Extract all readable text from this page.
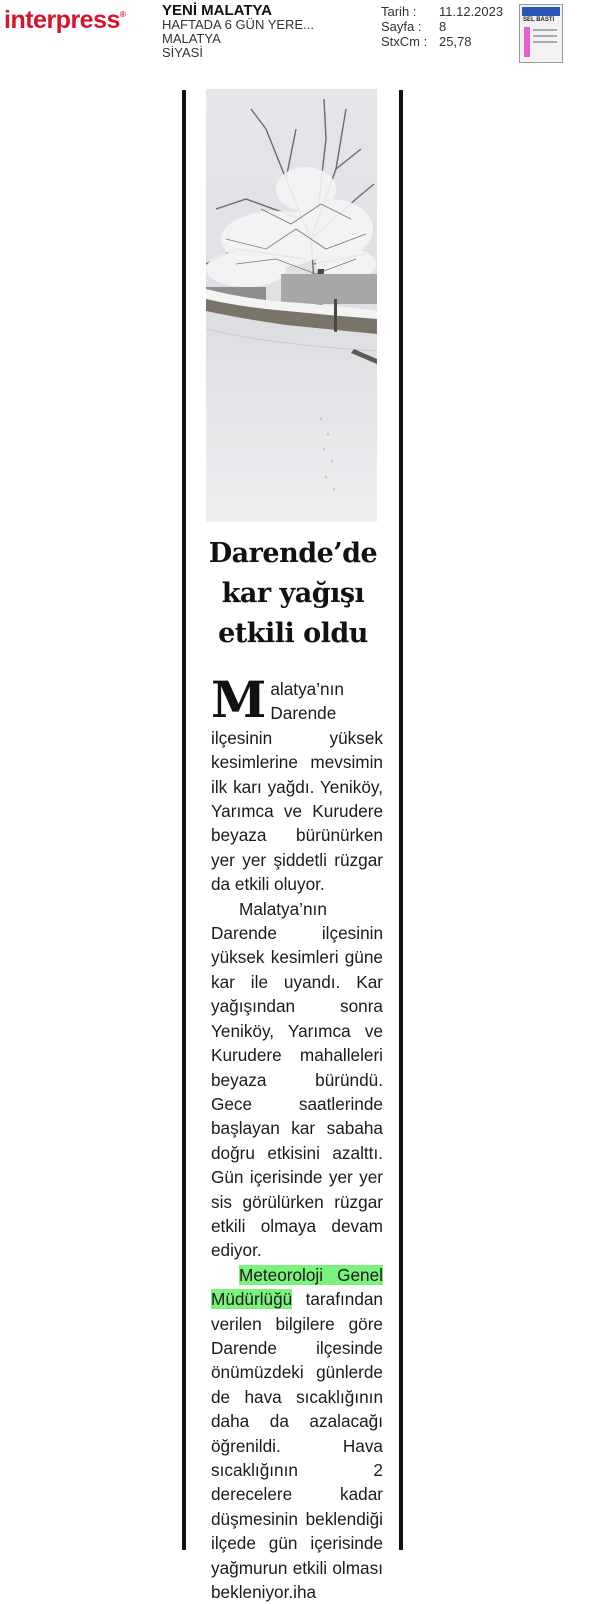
interpress® YENİ MALATYA
HAFTADA 6 GÜN YERE...
MALATYA
SİYASİ
Tarih :	11.12.2023
Sayfa :	8
StxCm : 25,78
SEL BASTI
Darende’de
kar yağışı
etkili oldu

Malatya’nın Darende ilçesinin yüksek kesimlerine mevsimin ilk karı yağdı. Yeniköy, Yarımca ve Kurudere beyaza bürünürken yer yer şiddetli rüzgar da etkili oluyor.

Malatya’nın Darende ilçesinin yüksek kesimleri güne kar ile uyandı. Kar yağışından sonra Yeniköy, Yarımca ve Kurudere mahalleleri beyaza büründü. Gece saatlerinde başlayan kar sabaha doğru etkisini azalttı. Gün içerisinde yer yer sis görülürken rüzgar etkili olmaya devam ediyor.

Meteoroloji Genel Müdürlüğü tarafından verilen bilgilere göre Darende ilçesinde önümüzdeki günlerde de hava sıcaklığının daha da azalacağı öğrenildi. Hava sıcaklığının 2 derecelere kadar düşmesinin beklendiği ilçede gün içerisinde yağmurun etkili olması bekleniyor.iha
